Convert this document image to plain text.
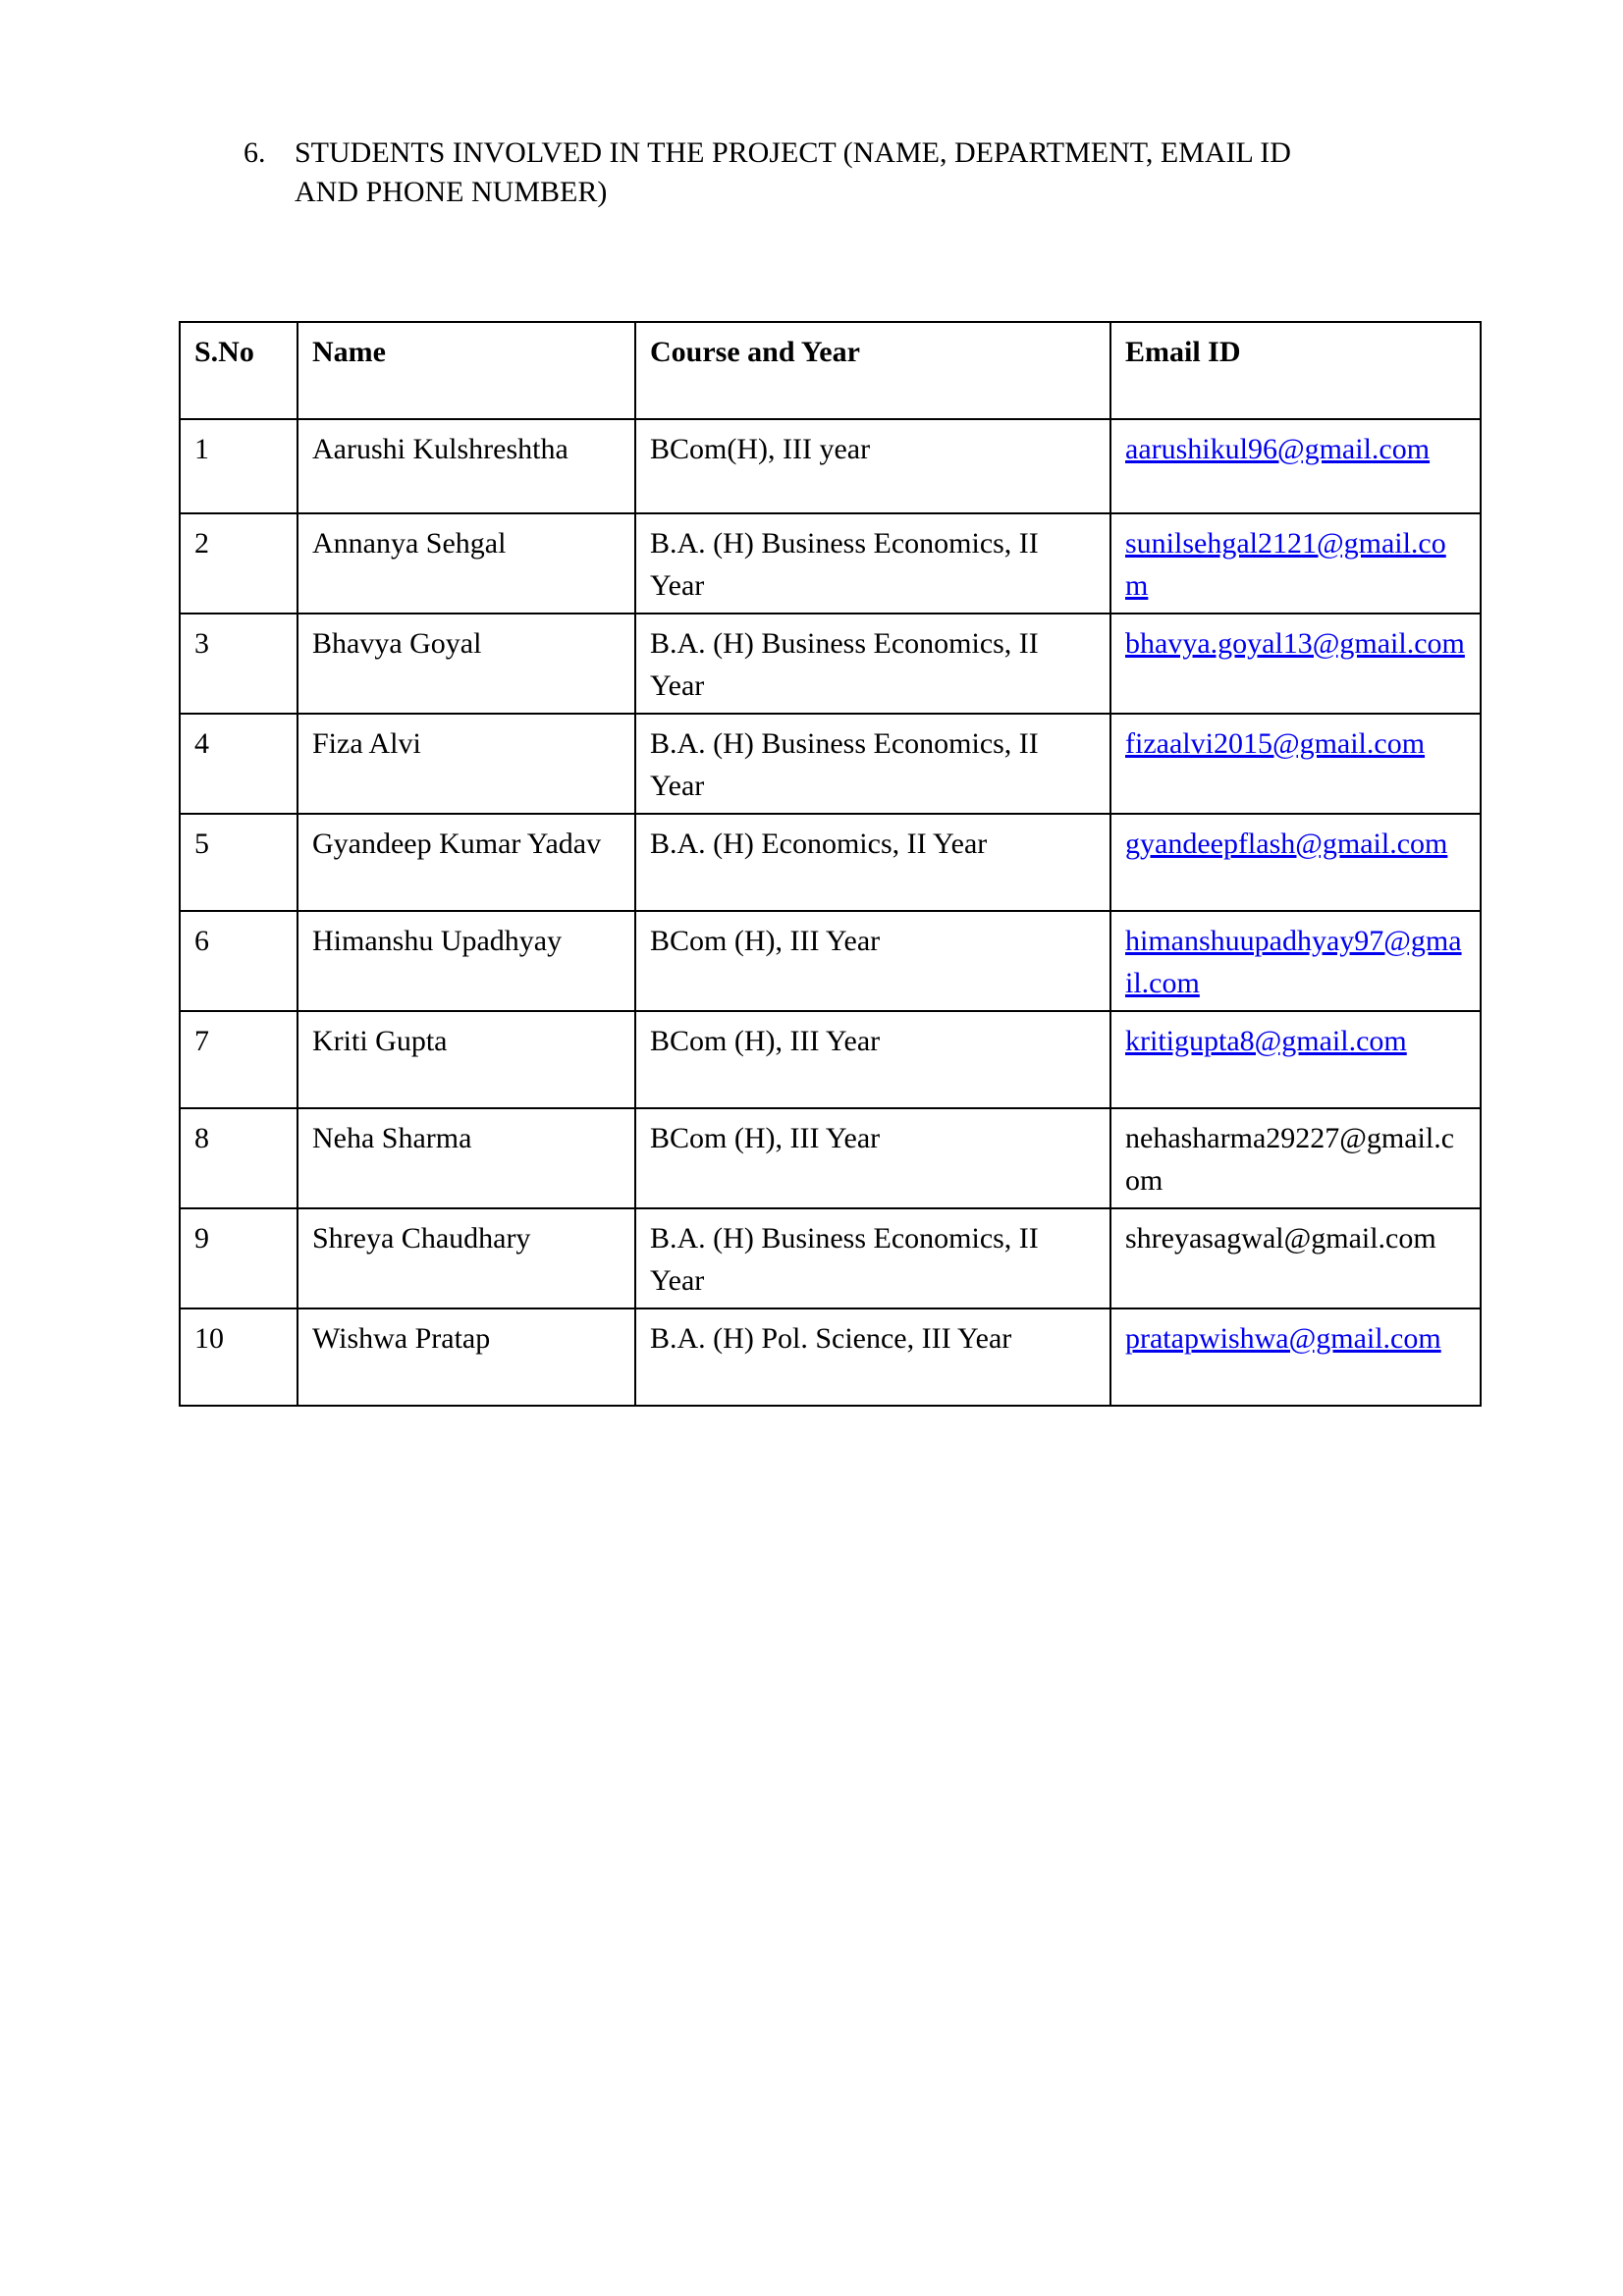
6. STUDENTS INVOLVED IN THE PROJECT (NAME, DEPARTMENT, EMAIL ID
AND PHONE NUMBER)
S.No	Name	Course and Year	Email ID
1	Aarushi Kulshreshtha	BCom(H), III year	aarushikul96@gmail.com
2	Annanya Sehgal	B.A. (H) Business Economics, II Year	sunilsehgal2121@gmail.com
3	Bhavya Goyal	B.A. (H) Business Economics, II Year	bhavya.goyal13@gmail.com
4	Fiza Alvi	B.A. (H) Business Economics, II Year	fizaalvi2015@gmail.com
5	Gyandeep Kumar Yadav	B.A. (H) Economics, II Year	gyandeepflash@gmail.com
6	Himanshu Upadhyay	BCom (H), III Year	himanshuupadhyay97@gmail.com
7	Kriti Gupta	BCom (H), III Year	kritigupta8@gmail.com
8	Neha Sharma	BCom (H), III Year	nehasharma29227@gmail.com
9	Shreya Chaudhary	B.A. (H) Business Economics, II Year	shreyasagwal@gmail.com
10	Wishwa Pratap	B.A. (H) Pol. Science, III Year	pratapwishwa@gmail.com
